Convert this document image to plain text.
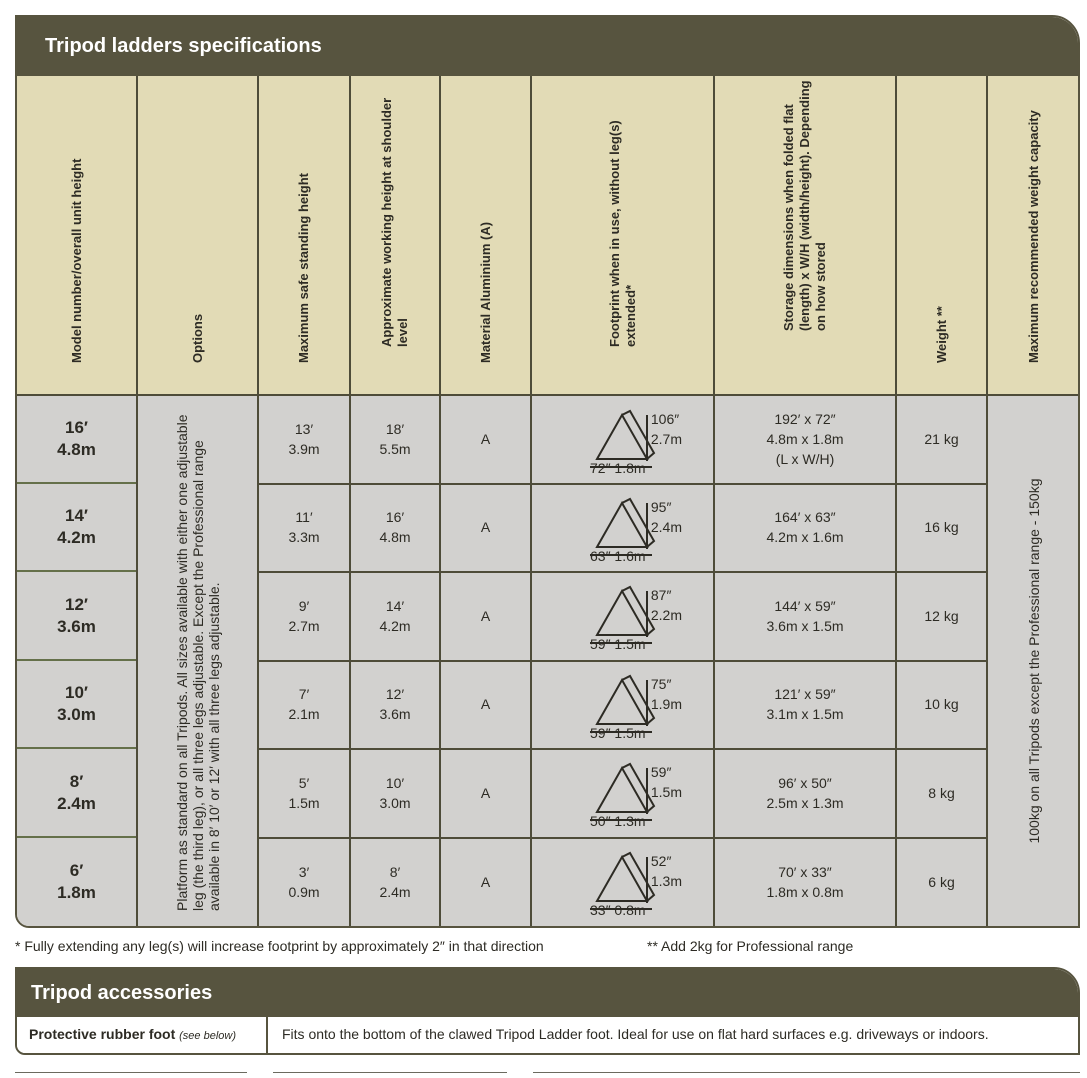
Tripod ladders specifications
Model number/overall unit height
16′
4.8m
14′
4.2m
12′
3.6m
10′
3.0m
8′
2.4m
6′
1.8m
Options
Platform as standard on all Tripods. All sizes available with either one adjustable leg (the third leg), or all three legs adjustable. Except the Professional range available in 8′ 10′ or 12′ with all three legs adjustable.
Maximum safe standing height
13′
3.9m
11′
3.3m
9′
2.7m
7′
2.1m
5′
1.5m
3′
0.9m
Approximate working height at shoulder level
18′
5.5m
16′
4.8m
14′
4.2m
12′
3.6m
10′
3.0m
8′
2.4m
Material Aluminium (A)
A
A
A
A
A
A
Footprint when in use, without leg(s) extended*
106″
2.7m
72″ 1.8m
95″
2.4m
63″ 1.6m
87″
2.2m
59″ 1.5m
75″
1.9m
59″ 1.5m
59″
1.5m
50″ 1.3m
52″
1.3m
33″ 0.8m
Storage dimensions when folded flat (length) x W/H (width/height). Depending on how stored
192′ x 72″
4.8m x 1.8m
(L x W/H)
164′ x 63″
4.2m x 1.6m
144′ x 59″
3.6m x 1.5m
121′ x 59″
3.1m x 1.5m
96′ x 50″
2.5m x 1.3m
70′ x 33″
1.8m x 0.8m
Weight **
21 kg
16 kg
12 kg
10 kg
8 kg
6 kg
Maximum recommended weight capacity
100kg on all Tripods except the Professional range - 150kg
* Fully extending any leg(s) will increase footprint by approximately 2″ in that direction	** Add 2kg for Professional range
Tripod accessories
Protective rubber foot (see below)	Fits onto the bottom of the clawed Tripod Ladder foot. Ideal for use on flat hard surfaces e.g. driveways or indoors.
